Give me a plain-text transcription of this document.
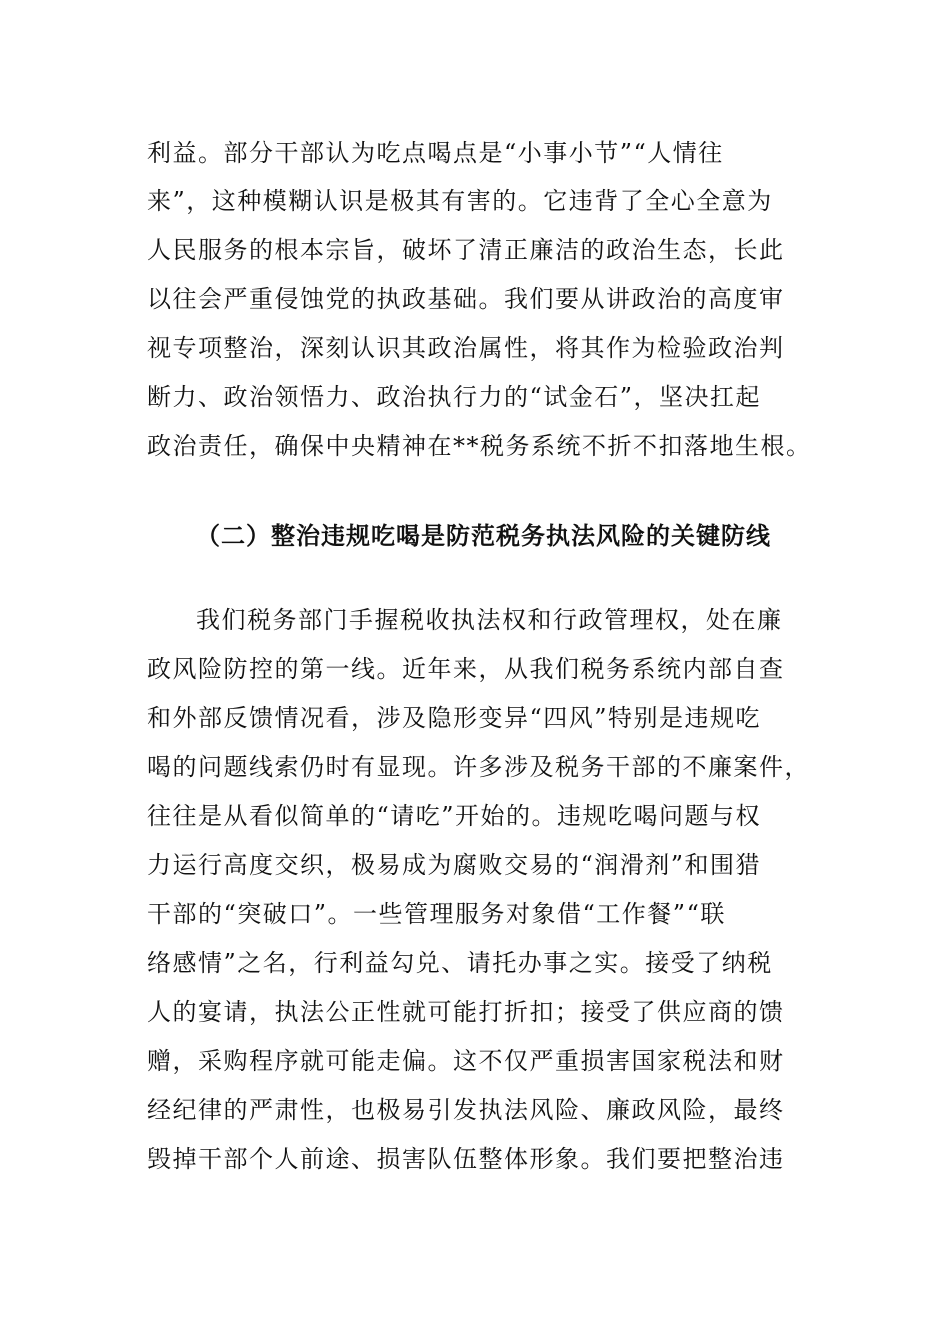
利益。部分干部认为吃点喝点是“小事小节”“人情往
来”，这种模糊认识是极其有害的。它违背了全心全意为
人民服务的根本宗旨，破坏了清正廉洁的政治生态，长此
以往会严重侵蚀党的执政基础。我们要从讲政治的高度审
视专项整治，深刻认识其政治属性，将其作为检验政治判
断力、政治领悟力、政治执行力的“试金石”，坚决扛起
政治责任，确保中央精神在**税务系统不折不扣落地生根。
（二）整治违规吃喝是防范税务执法风险的关键防线
我们税务部门手握税收执法权和行政管理权，处在廉
政风险防控的第一线。近年来，从我们税务系统内部自查
和外部反馈情况看，涉及隐形变异“四风”特别是违规吃
喝的问题线索仍时有显现。许多涉及税务干部的不廉案件，
往往是从看似简单的“请吃”开始的。违规吃喝问题与权
力运行高度交织，极易成为腐败交易的“润滑剂”和围猎
干部的“突破口”。一些管理服务对象借“工作餐”“联
络感情”之名，行利益勾兑、请托办事之实。接受了纳税
人的宴请，执法公正性就可能打折扣；接受了供应商的馈
赠，采购程序就可能走偏。这不仅严重损害国家税法和财
经纪律的严肃性，也极易引发执法风险、廉政风险，最终
毁掉干部个人前途、损害队伍整体形象。我们要把整治违
